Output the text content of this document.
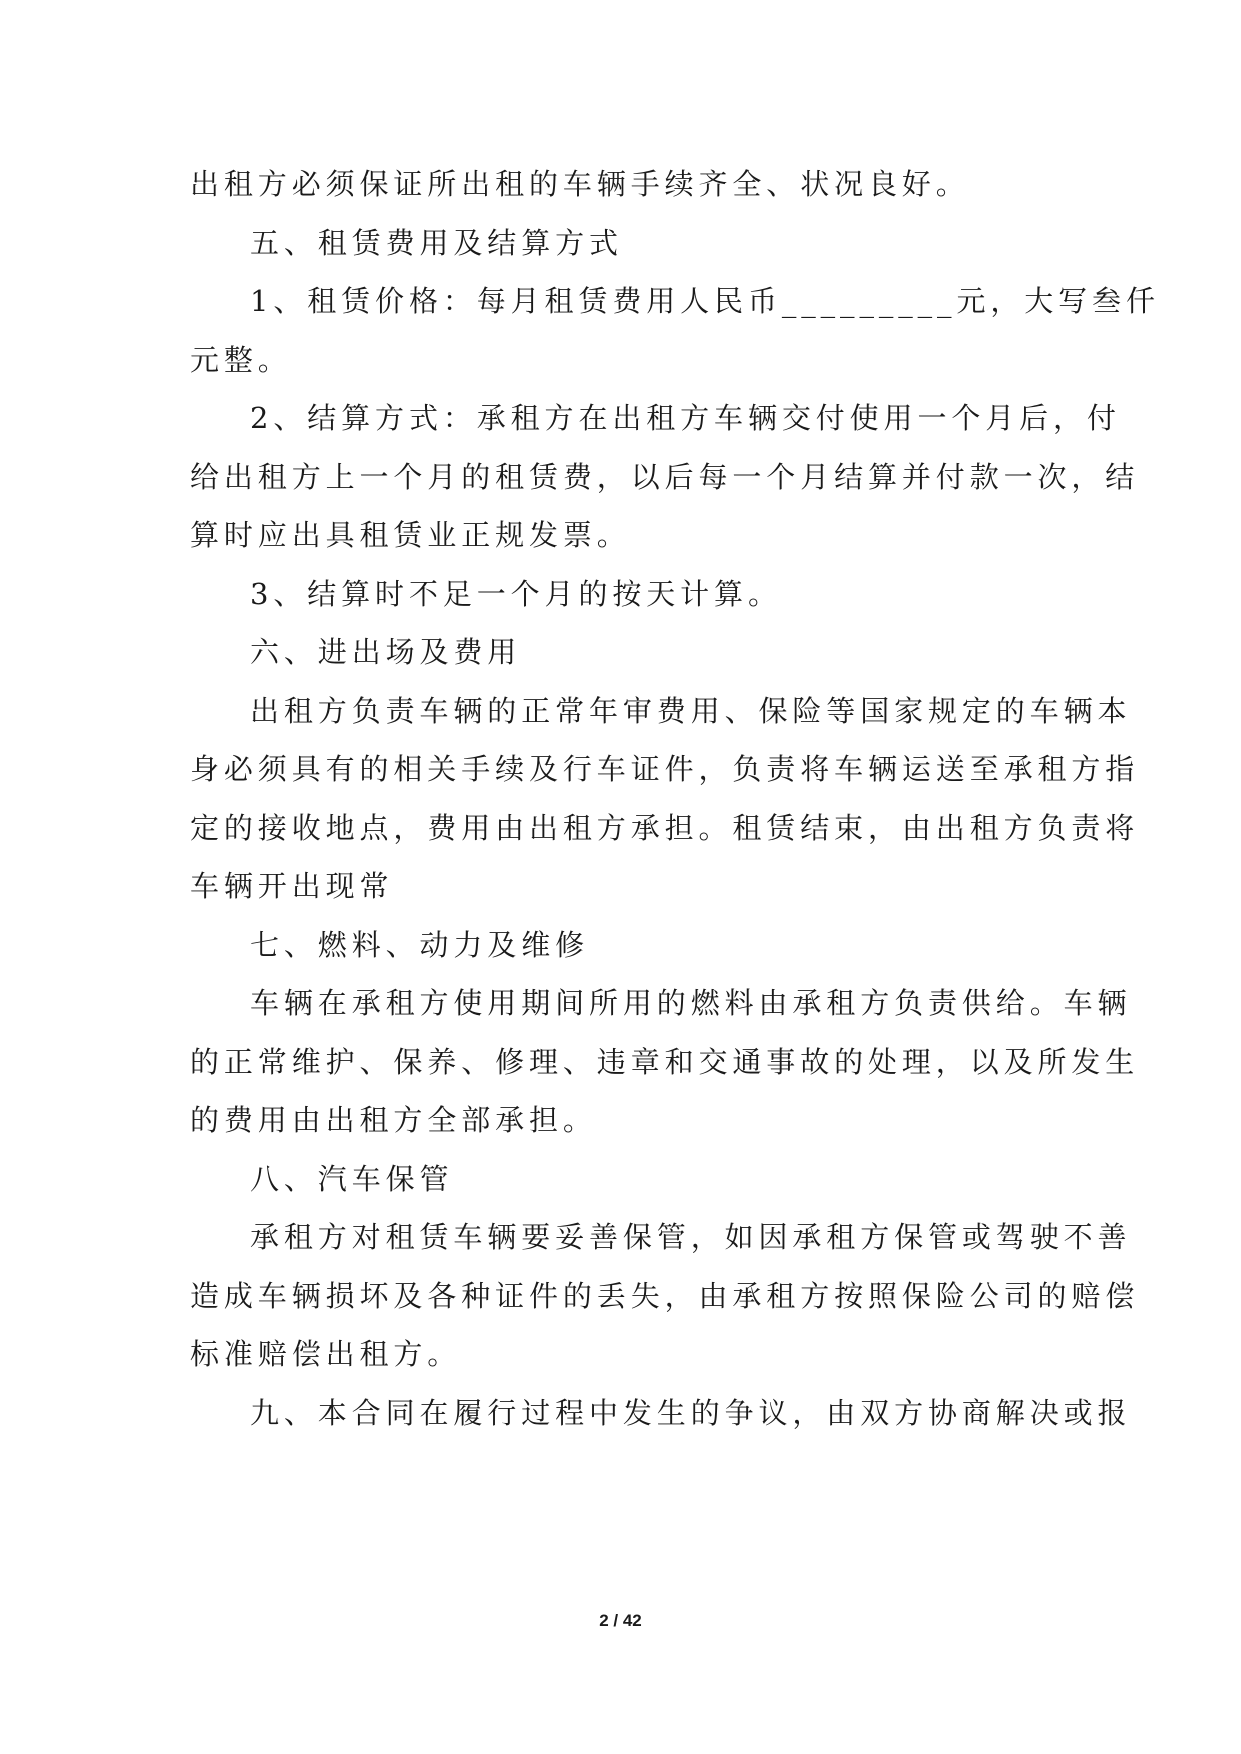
出租方必须保证所出租的车辆手续齐全、状况良好。
五、租赁费用及结算方式
1、租赁价格：每月租赁费用人民币_________元，大写叁仟
元整。
2、结算方式：承租方在出租方车辆交付使用一个月后，付
给出租方上一个月的租赁费，以后每一个月结算并付款一次，结
算时应出具租赁业正规发票。
3、结算时不足一个月的按天计算。
六、进出场及费用
出租方负责车辆的正常年审费用、保险等国家规定的车辆本
身必须具有的相关手续及行车证件，负责将车辆运送至承租方指
定的接收地点，费用由出租方承担。租赁结束，由出租方负责将
车辆开出现常
七、燃料、动力及维修
车辆在承租方使用期间所用的燃料由承租方负责供给。车辆
的正常维护、保养、修理、违章和交通事故的处理，以及所发生
的费用由出租方全部承担。
八、汽车保管
承租方对租赁车辆要妥善保管，如因承租方保管或驾驶不善
造成车辆损坏及各种证件的丢失，由承租方按照保险公司的赔偿
标准赔偿出租方。
九、本合同在履行过程中发生的争议，由双方协商解决或报
2 / 42
